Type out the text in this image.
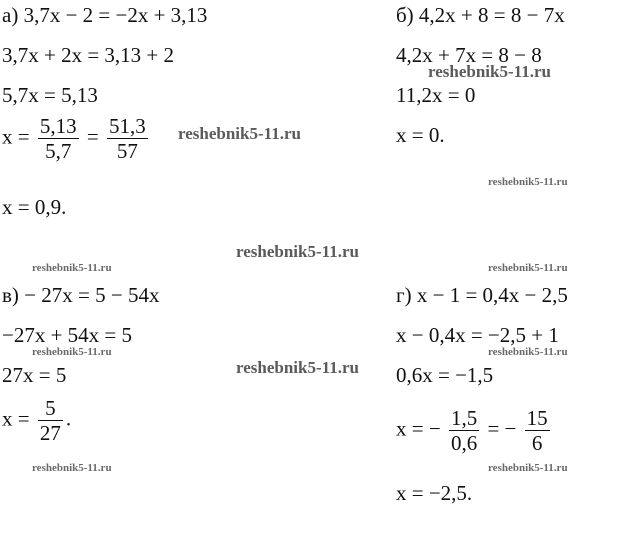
а) 3,7x − 2 = −2x + 3,13
3,7x + 2x = 3,13 + 2
5,7x = 5,13
$x = \frac{5,13}{5,7} = \frac{51,3}{57}$
x = 0,9.
б) 4,2x + 8 = 8 − 7x
4,2x + 7x = 8 − 8
11,2x = 0
x = 0.
в) − 27x = 5 − 54x
−27x + 54x = 5
27x = 5
$x = \frac{5}{27}$ .
г) x − 1 = 0,4x − 2,5
x − 0,4x = −2,5 + 1
0,6x = −1,5
x = − $\frac{1,5}{0,6}$ = − $\frac{15}{6}$
x = −2,5.
reshebnik5-11.ru
reshebnik5-11.ru
reshebnik5-11.ru
reshebnik5-11.ru
reshebnik5-11.ru	reshebnik5-11.ru
reshebnik5-11.ru	reshebnik5-11.ru
reshebnik5-11.ru
reshebnik5-11.ru	reshebnik5-11.ru
